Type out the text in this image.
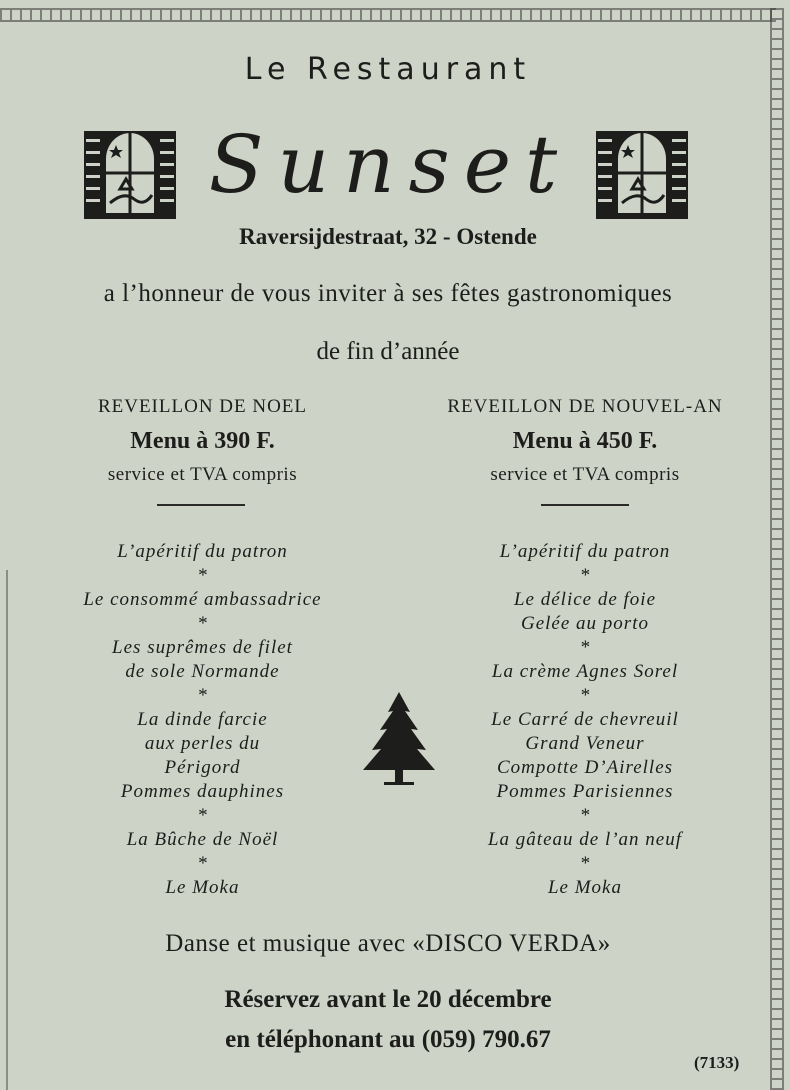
Le Restaurant
Sunset
Raversijdestraat, 32 - Ostende
a l’honneur de vous inviter à ses fêtes gastronomiques
de fin d’année
REVEILLON DE NOEL
Menu à 390 F.
service et TVA compris
REVEILLON DE NOUVEL-AN
Menu à 450 F.
service et TVA compris
L’apéritif du patron
*
Le consommé ambassadrice
*
Les suprêmes de filet
de sole Normande
*
La dinde farcie
aux perles du
Périgord
Pommes dauphines
*
La Bûche de Noël
*
Le Moka
L’apéritif du patron
*
Le délice de foie
Gelée au porto
*
La crème Agnes Sorel
*
Le Carré de chevreuil
Grand Veneur
Compotte D’Airelles
Pommes Parisiennes
*
La gâteau de l’an neuf
*
Le Moka
Danse et musique avec «DISCO VERDA»
Réservez avant le 20 décembre
en téléphonant au (059) 790.67
(7133)
